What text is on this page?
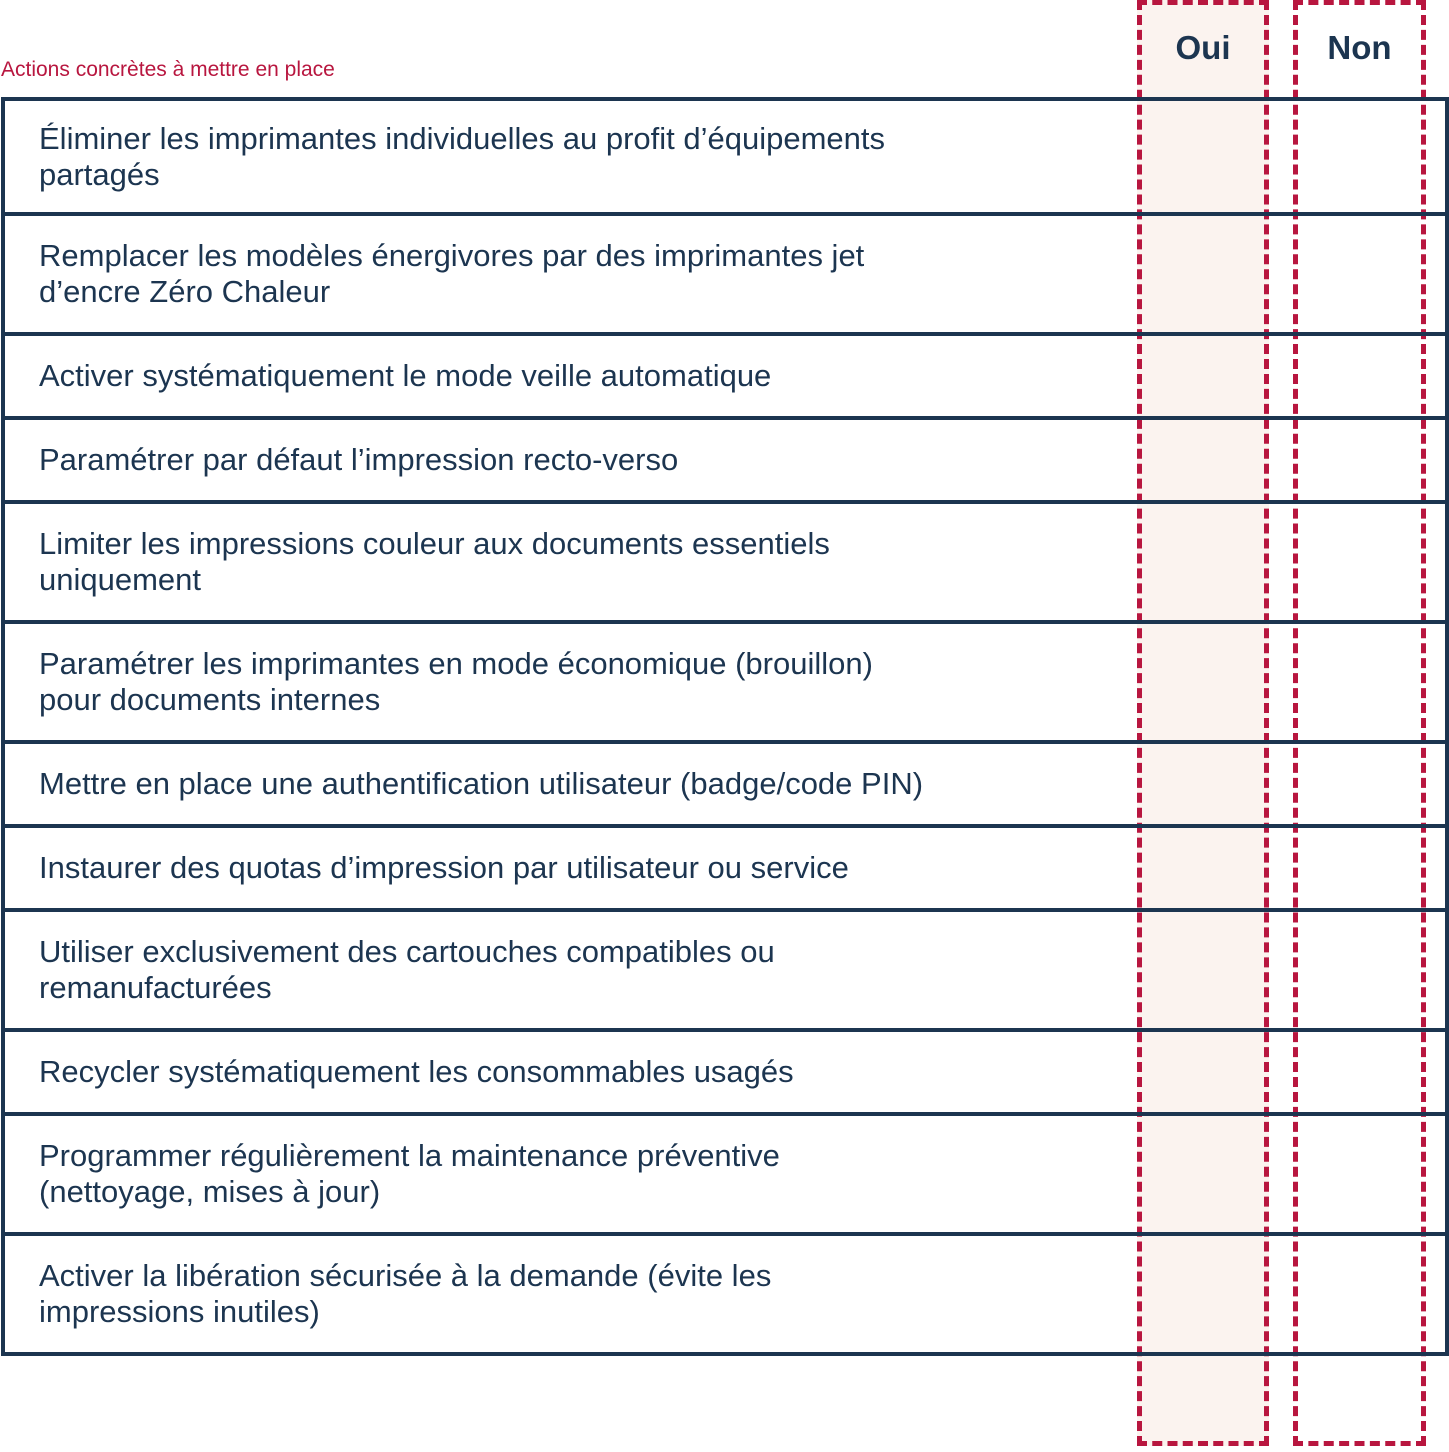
Oui	Non
Actions concrètes à mettre en place
Éliminer les imprimantes individuelles au profit d’équipements
partagés
Remplacer les modèles énergivores par des imprimantes jet
d’encre Zéro Chaleur
Activer systématiquement le mode veille automatique
Paramétrer par défaut l’impression recto-verso
Limiter les impressions couleur aux documents essentiels
uniquement
Paramétrer les imprimantes en mode économique (brouillon)
pour documents internes
Mettre en place une authentification utilisateur (badge/code PIN)
Instaurer des quotas d’impression par utilisateur ou service
Utiliser exclusivement des cartouches compatibles ou
remanufacturées
Recycler systématiquement les consommables usagés
Programmer régulièrement la maintenance préventive
(nettoyage, mises à jour)
Activer la libération sécurisée à la demande (évite les
impressions inutiles)
